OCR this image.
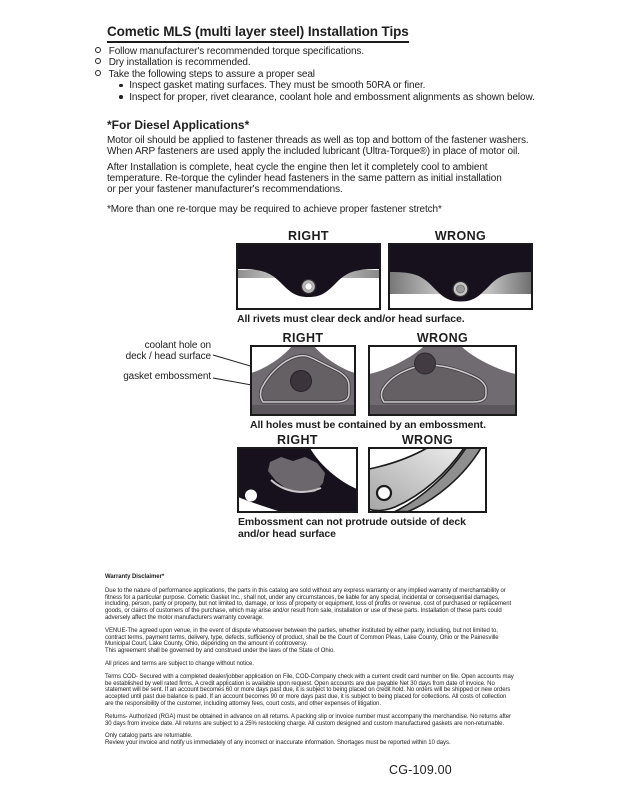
Cometic MLS (multi layer steel) Installation Tips
Follow manufacturer's recommended torque specifications.
Dry installation is recommended.
Take the following steps to assure a proper seal
Inspect gasket mating surfaces. They must be smooth 50RA or finer.
Inspect for proper, rivet clearance, coolant hole and embossment alignments as shown below.
*For Diesel Applications*
Motor oil should be applied to fastener threads as well as top and bottom of the fastener washers.
When ARP fasteners are used apply the included lubricant (Ultra-Torque®) in place of motor oil.
After Installation is complete, heat cycle the engine then let it completely cool to ambient
temperature. Re-torque the cylinder head fasteners in the same pattern as initial installation
or per your fastener manufacturer's recommendations.
*More than one re-torque may be required to achieve proper fastener stretch*
RIGHT	WRONG
All rivets must clear deck and/or head surface.
coolant hole on
deck / head surface
gasket embossment
RIGHT	WRONG
All holes must be contained by an embossment.
RIGHT	WRONG
Embossment can not protrude outside of deck
and/or head surface
Warranty Disclaimer*
Due to the nature of performance applications, the parts in this catalog are sold without any express warranty or any implied warranty of merchantability or
fitness for a particular purpose. Cometic Gasket Inc., shall not, under any circumstances, be liable for any special, incidental or consequential damages,
including, person, party or property, but not limited to, damage, or loss of property or equipment, loss of profits or revenue, cost of purchased or replacement
goods, or claims of customers of the purchase, which may arise and/or result from sale, installation or use of these parts. Installation of these parts could
adversely affect the motor manufacturers warranty coverage.
VENUE-The agreed upon venue, in the event of dispute whatsoever between the parties, whether instituted by either party, including, but not limited to,
contract terms, payment terms, delivery, type, defects, sufficiency of product, shall be the Court of Common Pleas, Lake County, Ohio or the Painesville
Municipal Court, Lake County, Ohio, depending on the amount in controversy.
This agreement shall be governed by and construed under the laws of the State of Ohio.
All prices and terms are subject to change without notice.
Terms COD- Secured with a completed dealer/jobber application on File, COD-Company check with a current credit card number on file. Open accounts may
be established by well rated firms. A credit application is available upon request. Open accounts are due payable Net 30 days from date of invoice. No
statement will be sent. If an account becomes 60 or more days past due, it is subject to being placed on credit hold. No orders will be shipped or new orders
accepted until past due balance is paid. If an account becomes 90 or more days past due, it is subject to being placed for collections. All costs of collection
are the responsibility of the customer, including attorney fees, court costs, and other expenses of litigation.
Returns- Authorized (RGA) must be obtained in advance on all returns. A packing slip or invoice number must accompany the merchandise. No returns after
30 days from invoice date. All returns are subject to a 25% restocking charge. All custom designed and custom manufactured gaskets are non-returnable.
Only catalog parts are returnable.
Review your invoice and notify us immediately of any incorrect or inaccurate information. Shortages must be reported within 10 days.
CG-109.00
